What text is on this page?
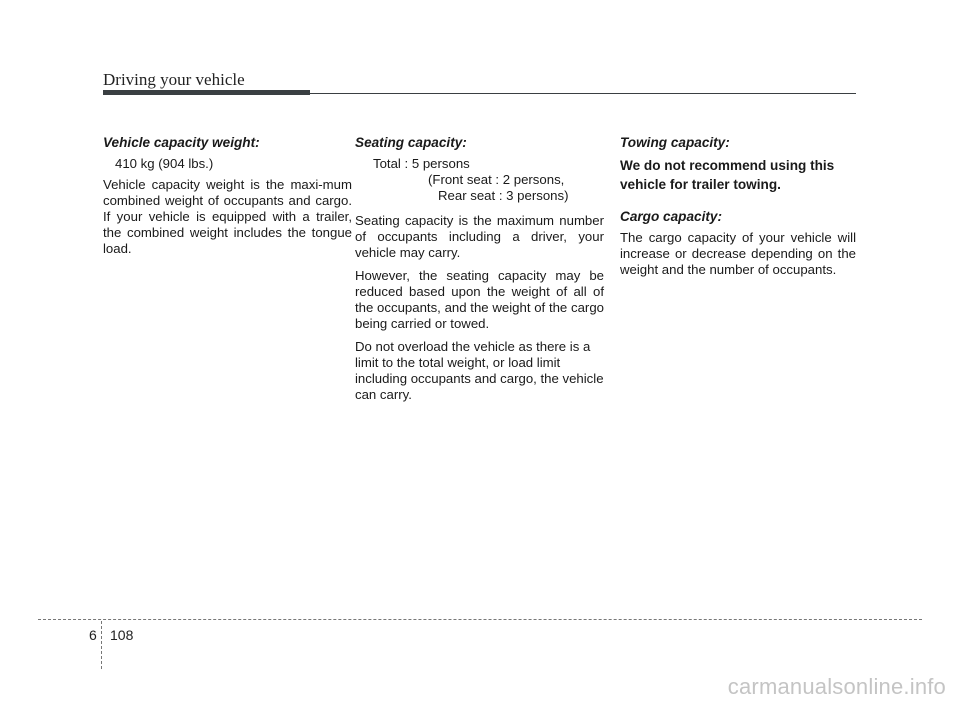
Driving your vehicle
Vehicle capacity weight:
410 kg (904 lbs.)
Vehicle capacity weight is the maxi-mum combined weight of occupants and cargo. If your vehicle is equipped with a trailer, the combined weight includes the tongue load.
Seating capacity:
Total : 5 persons
(Front seat : 2 persons,
Rear seat : 3 persons)
Seating capacity is the maximum number of occupants including a driver, your vehicle may carry.
However, the seating capacity may be reduced based upon the weight of all of the occupants, and the weight of the cargo being carried or towed.
Do not overload the vehicle as there is a limit to the total weight, or load limit including occupants and cargo, the vehicle can carry.
Towing capacity:
We do not recommend using this vehicle for trailer towing.
Cargo capacity:
The cargo capacity of your vehicle will increase or decrease depending on the weight and the number of occupants.
6 108
carmanualsonline.info
